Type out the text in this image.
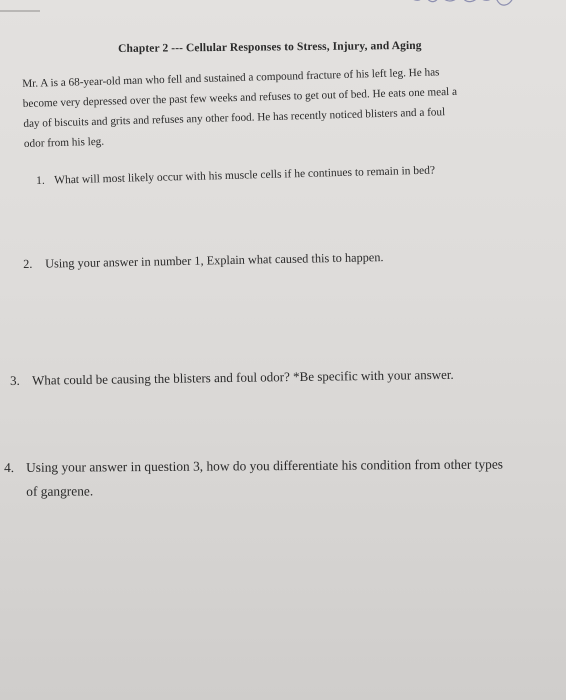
Chapter 2 --- Cellular Responses to Stress, Injury, and Aging
Mr. A is a 68-year-old man who fell and sustained a compound fracture of his left leg. He has
become very depressed over the past few weeks and refuses to get out of bed. He eats one meal a
day of biscuits and grits and refuses any other food. He has recently noticed blisters and a foul
odor from his leg.
1. What will most likely occur with his muscle cells if he continues to remain in bed?
2. Using your answer in number 1, Explain what caused this to happen.
3. What could be causing the blisters and foul odor? *Be specific with your answer.
4. Using your answer in question 3, how do you differentiate his condition from other types
of gangrene.
